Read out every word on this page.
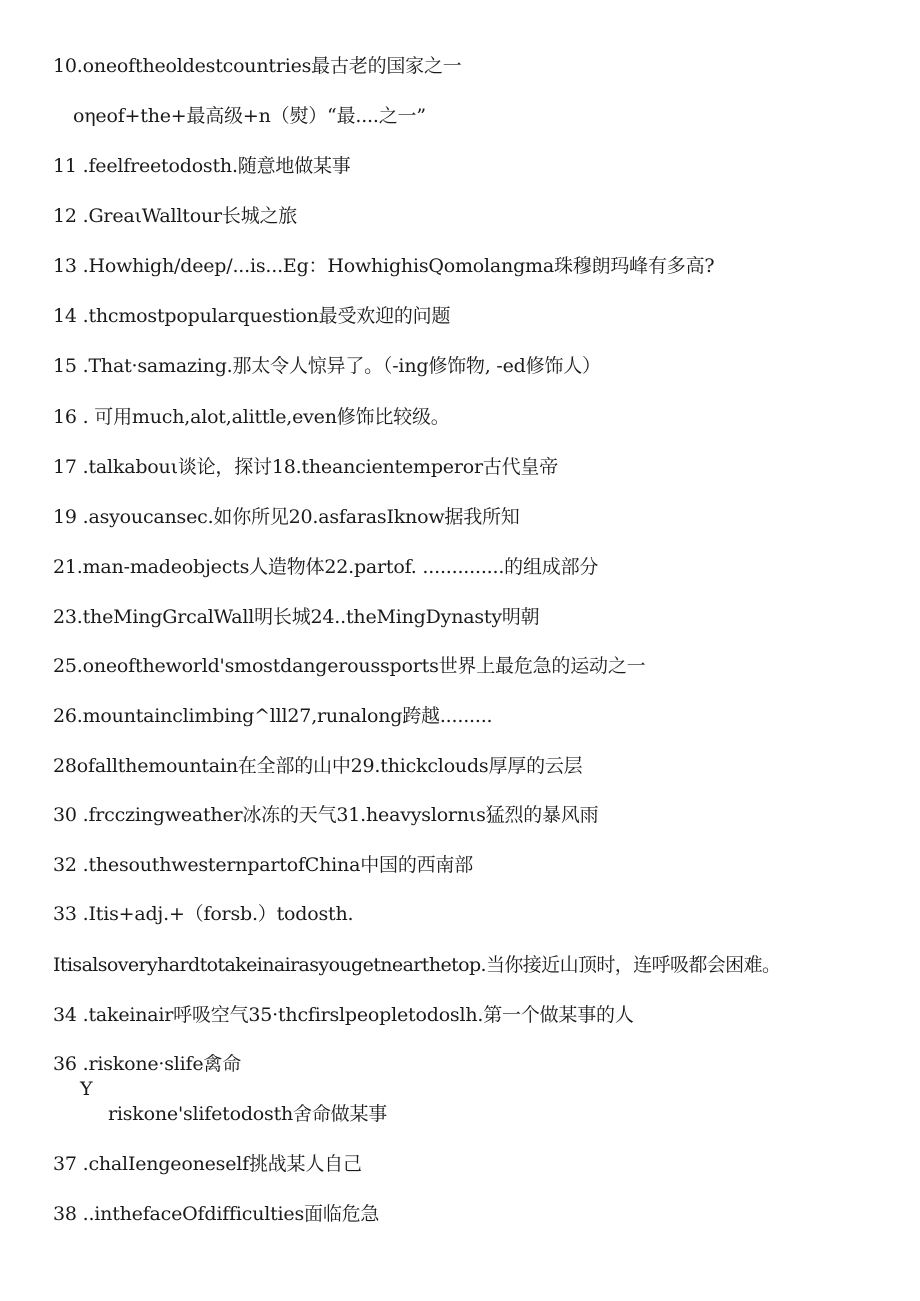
10.oneoftheoldestcountries最古老的国家之一
oηeof+the+最高级+n（熨）“最....之一”
11 .feelfreetodosth.随意地做某事
12 .GreaιWalltour长城之旅
13 .Howhigh/deep/...is...Eg：HowhighisQomolangma珠穆朗玛峰有多高?
14 .thcmostpopularquestion最受欢迎的问题
15 .That·samazing.那太令人惊异了。（-ing修饰物, -ed修饰人）
16 . 可用much,alot,alittle,even修饰比较级。
17 .talkabouι谈论，探讨18.theancientemperor古代皇帝
19 .asyoucansec.如你所见20.asfarasIknow据我所知
21.man-madeobjects人造物体22.partof. ..............的组成部分
23.theMingGrcalWall明长城24..theMingDynasty明朝
25.oneoftheworld'smostdangeroussports世界上最危急的运动之一
26.mountainclimbing^lll27,runalong跨越.........
28ofallthemountain在全部的山中29.thickclouds厚厚的云层
30 .frcczingweather冰冻的天气31.heavyslornιs猛烈的暴风雨
32 .thesouthwesternpartofChina中国的西南部
33 .Itis+adj.+（forsb.）todosth.
Itisalsoveryhardtotakeinairasyougetnearthetop.当你接近山顶时，连呼吸都会困难。
34 .takeinair呼吸空气35·thcfirslpeopletodoslh.第一个做某事的人
36 .riskone·slife禽命
Y
riskone'slifetodosth舍命做某事
37 .chalIengeoneself挑战某人自己
38 ..inthefaceOfdifficulties面临危急
